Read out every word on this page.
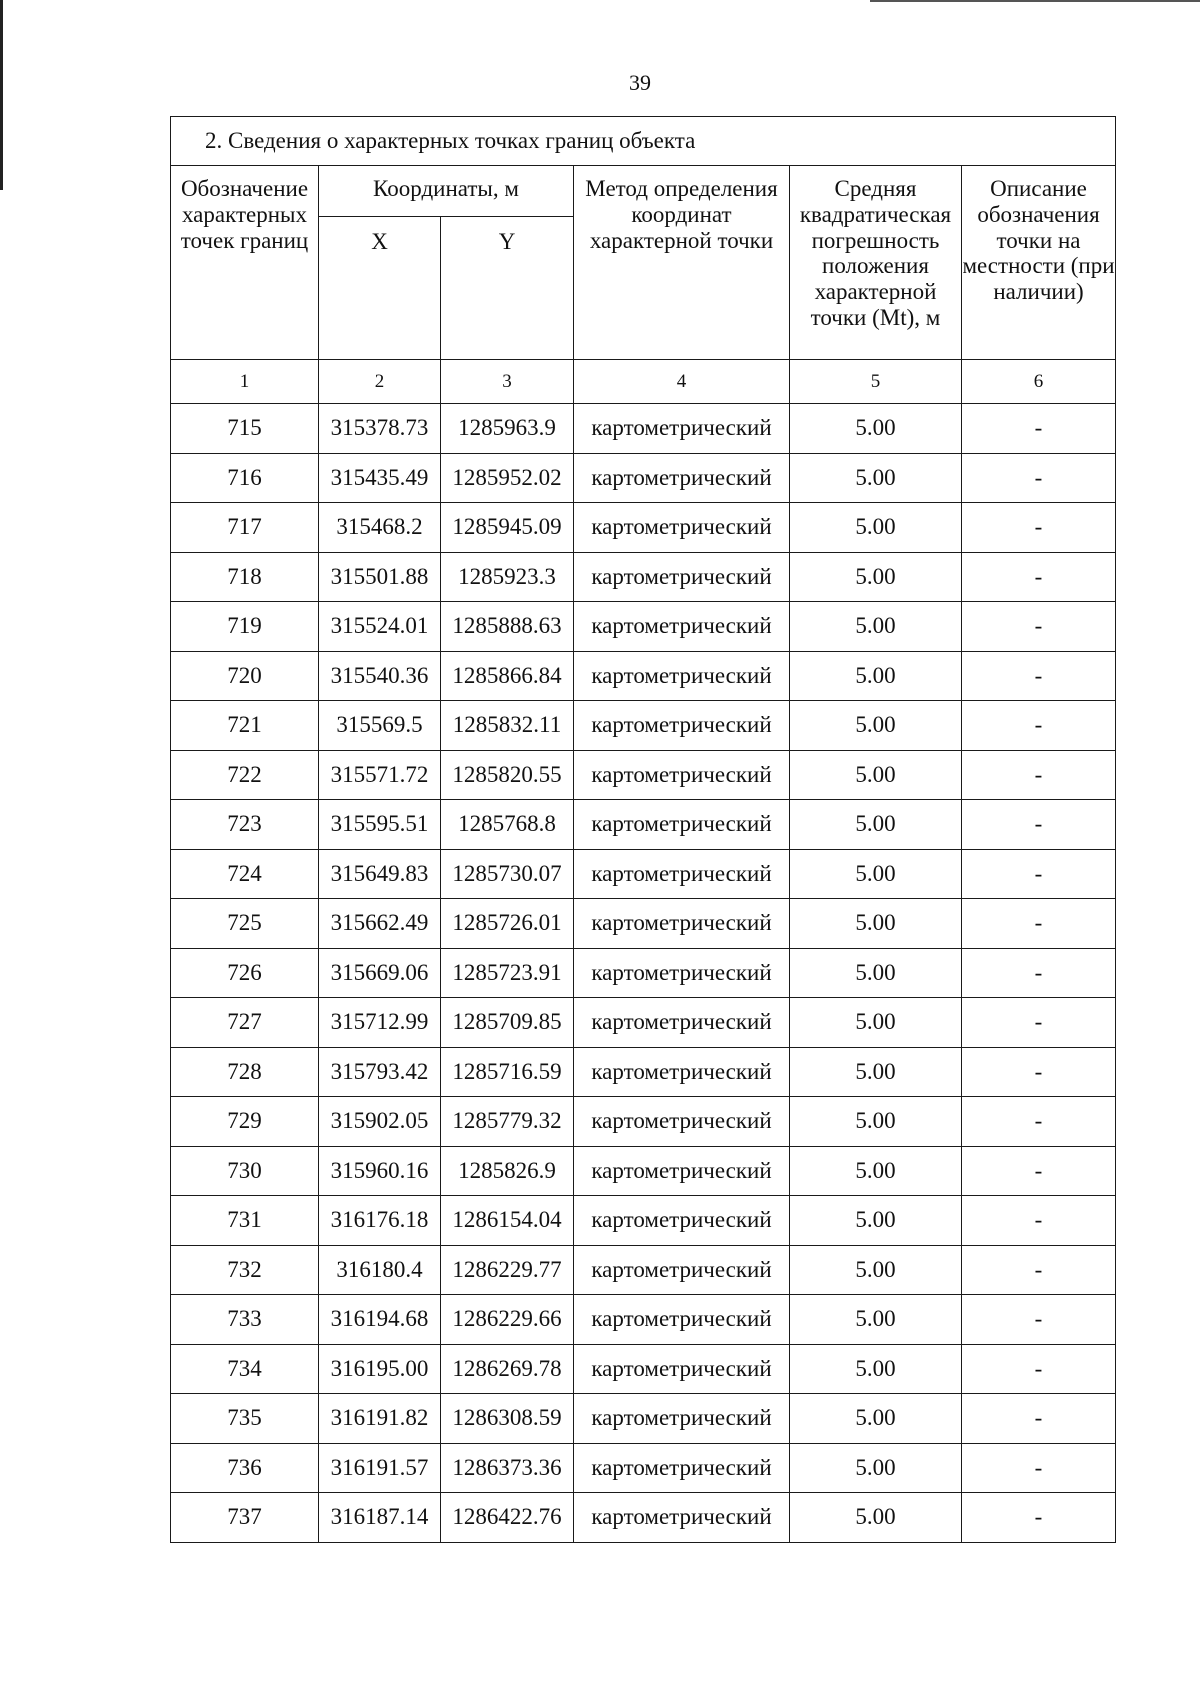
39
2. Сведения о характерных точках границ объекта					
Обозначение характерных точек границ	Координаты, м		Метод определения координат характерной точки	Средняя квадратическая погрешность положения характерной точки (Mt), м	Описание обозначения точки на местности (при наличии)
	X	Y			
1	2	3	4	5	6
715	315378.73	1285963.9	картометрический	5.00	-
716	315435.49	1285952.02	картометрический	5.00	-
717	315468.2	1285945.09	картометрический	5.00	-
718	315501.88	1285923.3	картометрический	5.00	-
719	315524.01	1285888.63	картометрический	5.00	-
720	315540.36	1285866.84	картометрический	5.00	-
721	315569.5	1285832.11	картометрический	5.00	-
722	315571.72	1285820.55	картометрический	5.00	-
723	315595.51	1285768.8	картометрический	5.00	-
724	315649.83	1285730.07	картометрический	5.00	-
725	315662.49	1285726.01	картометрический	5.00	-
726	315669.06	1285723.91	картометрический	5.00	-
727	315712.99	1285709.85	картометрический	5.00	-
728	315793.42	1285716.59	картометрический	5.00	-
729	315902.05	1285779.32	картометрический	5.00	-
730	315960.16	1285826.9	картометрический	5.00	-
731	316176.18	1286154.04	картометрический	5.00	-
732	316180.4	1286229.77	картометрический	5.00	-
733	316194.68	1286229.66	картометрический	5.00	-
734	316195.00	1286269.78	картометрический	5.00	-
735	316191.82	1286308.59	картометрический	5.00	-
736	316191.57	1286373.36	картометрический	5.00	-
737	316187.14	1286422.76	картометрический	5.00	-
